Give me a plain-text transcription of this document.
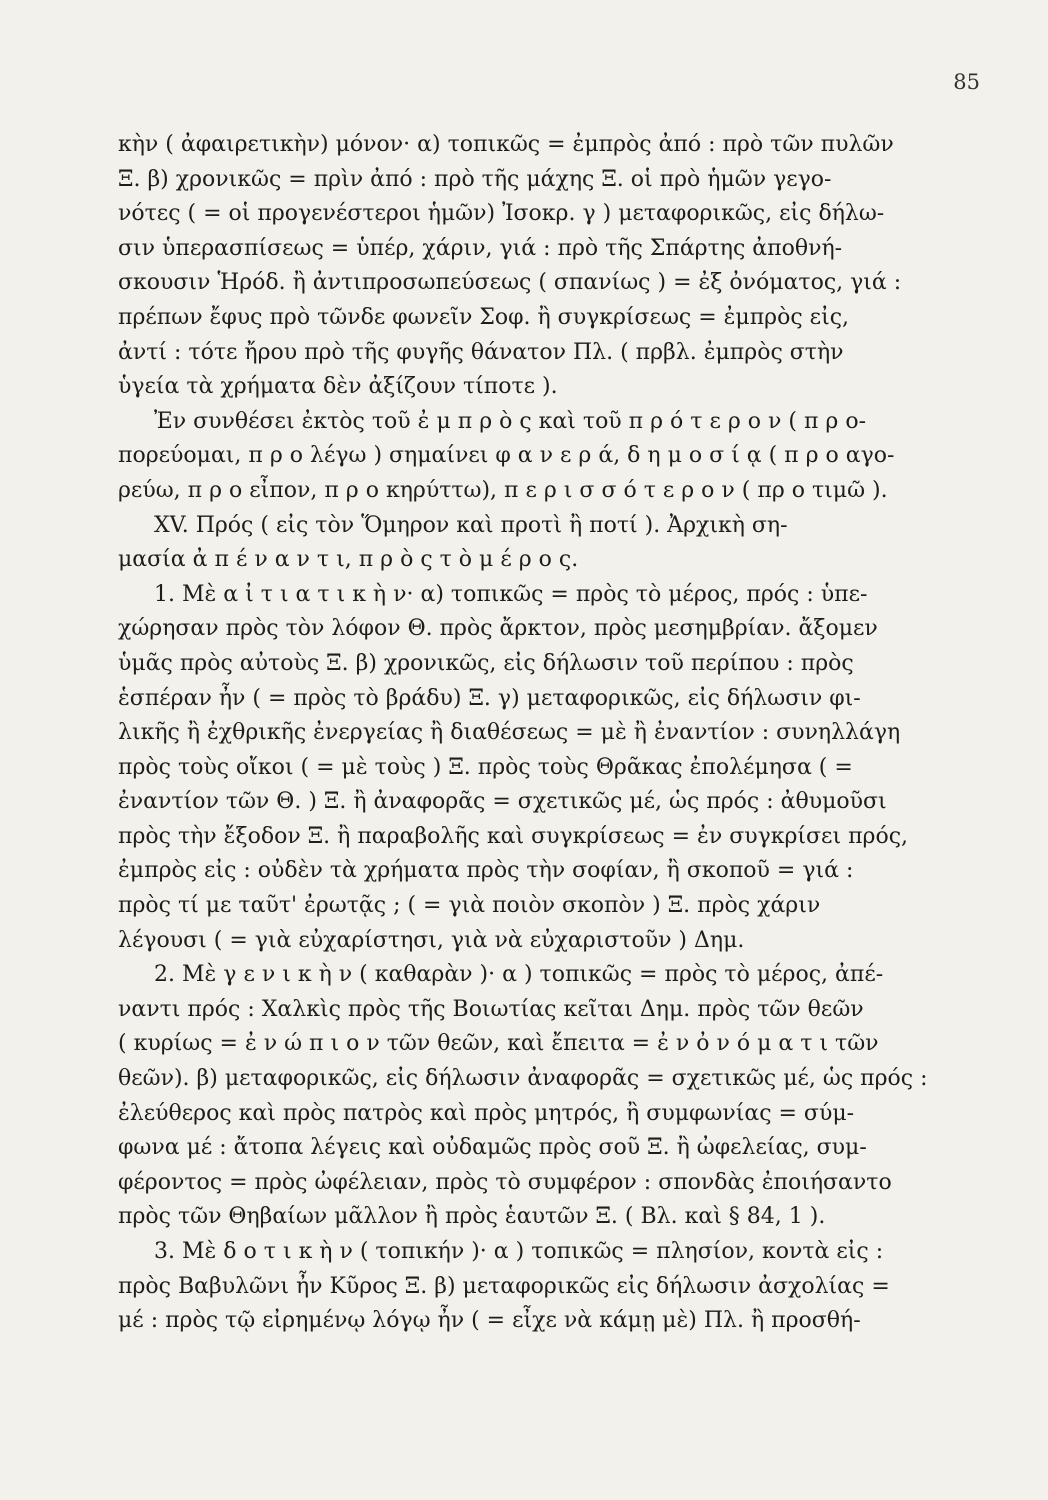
85
κὴν ( ἀφαιρετικὴν) μόνον· α) τοπικῶς = ἐμπρὸς ἀπό : πρὸ τῶν πυλῶν
Ξ. β) χρονικῶς = πρὶν ἀπό : πρὸ τῆς μάχης Ξ. οἱ πρὸ ἡμῶν γεγο-
νότες ( = οἱ προγενέστεροι ἡμῶν) Ἰσοκρ. γ ) μεταφορικῶς, εἰς δήλω-
σιν ὑπερασπίσεως = ὑπέρ, χάριν, γιά : πρὸ τῆς Σπάρτης ἀποθνή-
σκουσιν Ἡρόδ. ἢ ἀντιπροσωπεύσεως ( σπανίως ) = ἐξ ὀνόματος, γιά :
πρέπων ἔφυς πρὸ τῶνδε φωνεῖν Σοφ. ἢ συγκρίσεως = ἐμπρὸς εἰς,
ἀντί : τότε ἤρου πρὸ τῆς φυγῆς θάνατον Πλ. ( πρβλ. ἐμπρὸς στὴν
ὑγεία τὰ χρήματα δὲν ἀξίζουν τίποτε ).
Ἐν συνθέσει ἐκτὸς τοῦ ἐ μ π ρ ὸ ς καὶ τοῦ π ρ ό τ ε ρ ο ν ( π ρ ο-
πορεύομαι, π ρ ο λέγω ) σημαίνει φ α ν ε ρ ά, δ η μ ο σ ί ᾳ ( π ρ ο αγο-
ρεύω, π ρ ο εἶπον, π ρ ο κηρύττω), π ε ρ ι σ σ ό τ ε ρ ο ν ( πρ ο τιμῶ ).
XV. Πρός ( εἰς τὸν Ὅμηρον καὶ προτὶ ἢ ποτί ). Ἀρχικὴ ση-
μασία ἀ π έ ν α ν τ ι, π ρ ὸ ς τ ὸ μ έ ρ ο ς.
1. Μὲ α ἰ τ ι α τ ι κ ὴ ν· α) τοπικῶς = πρὸς τὸ μέρος, πρός : ὑπε-
χώρησαν πρὸς τὸν λόφον Θ. πρὸς ἄρκτον, πρὸς μεσημβρίαν. ἄξομεν
ὑμᾶς πρὸς αὐτοὺς Ξ. β) χρονικῶς, εἰς δήλωσιν τοῦ περίπου : πρὸς
ἑσπέραν ἦν ( = πρὸς τὸ βράδυ) Ξ. γ) μεταφορικῶς, εἰς δήλωσιν φι-
λικῆς ἢ ἐχθρικῆς ἐνεργείας ἢ διαθέσεως = μὲ ἢ ἐναντίον : συνηλλάγη
πρὸς τοὺς οἴκοι ( = μὲ τοὺς ) Ξ. πρὸς τοὺς Θρᾶκας ἐπολέμησα ( =
ἐναντίον τῶν Θ. ) Ξ. ἢ ἀναφορᾶς = σχετικῶς μέ, ὡς πρός : ἀθυμοῦσι
πρὸς τὴν ἔξοδον Ξ. ἢ παραβολῆς καὶ συγκρίσεως = ἐν συγκρίσει πρός,
ἐμπρὸς εἰς : οὐδὲν τὰ χρήματα πρὸς τὴν σοφίαν, ἢ σκοποῦ = γιά :
πρὸς τί με ταῦτ' ἐρωτᾷς ; ( = γιὰ ποιὸν σκοπὸν ) Ξ. πρὸς χάριν
λέγουσι ( = γιὰ εὐχαρίστησι, γιὰ νὰ εὐχαριστοῦν ) Δημ.
2. Μὲ γ ε ν ι κ ὴ ν ( καθαρὰν )· α ) τοπικῶς = πρὸς τὸ μέρος, ἀπέ-
ναντι πρός : Χαλκὶς πρὸς τῆς Βοιωτίας κεῖται Δημ. πρὸς τῶν θεῶν
( κυρίως = ἐ ν ώ π ι ο ν τῶν θεῶν, καὶ ἔπειτα = ἐ ν ὀ ν ό μ α τ ι τῶν
θεῶν). β) μεταφορικῶς, εἰς δήλωσιν ἀναφορᾶς = σχετικῶς μέ, ὡς πρός :
ἐλεύθερος καὶ πρὸς πατρὸς καὶ πρὸς μητρός, ἢ συμφωνίας = σύμ-
φωνα μέ : ἄτοπα λέγεις καὶ οὐδαμῶς πρὸς σοῦ Ξ. ἢ ὠφελείας, συμ-
φέροντος = πρὸς ὠφέλειαν, πρὸς τὸ συμφέρον : σπονδὰς ἐποιήσαντο
πρὸς τῶν Θηβαίων μᾶλλον ἢ πρὸς ἑαυτῶν Ξ. ( Βλ. καὶ § 84, 1 ).
3. Μὲ δ ο τ ι κ ὴ ν ( τοπικήν )· α ) τοπικῶς = πλησίον, κοντὰ εἰς :
πρὸς Βαβυλῶνι ἦν Κῦρος Ξ. β) μεταφορικῶς εἰς δήλωσιν ἀσχολίας =
μέ : πρὸς τῷ εἰρημένῳ λόγῳ ἦν ( = εἶχε νὰ κάμῃ μὲ) Πλ. ἢ προσθή-
